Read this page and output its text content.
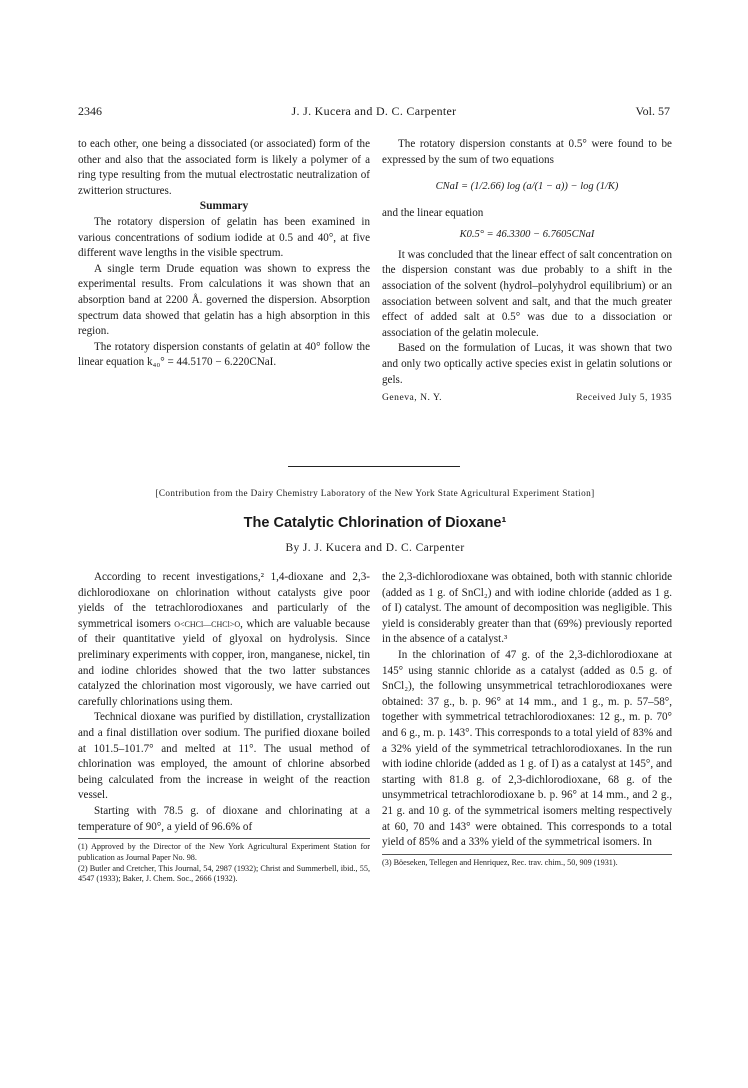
2346	J. J. Kucera and D. C. Carpenter	Vol. 57

to each other, one being a dissociated (or associated) form of the other and also that the associated form is likely a polymer of a ring type resulting from the mutual electrostatic neutralization of zwitterion structures.

Summary

The rotatory dispersion of gelatin has been examined in various concentrations of sodium iodide at 0.5 and 40°, at five different wave lengths in the visible spectrum.

A single term Drude equation was shown to express the experimental results. From calculations it was shown that an absorption band at 2200 Å. governed the dispersion. Absorption spectrum data showed that gelatin has a high absorption in this region.

The rotatory dispersion constants of gelatin at 40° follow the linear equation k₄₀° = 44.5170 − 6.220CNaI.

The rotatory dispersion constants at 0.5° were found to be expressed by the sum of two equations

CNaI = (1/2.66) log (a/(1 − a)) − log (1/K)

and the linear equation

K0.5° = 46.3300 − 6.7605CNaI

It was concluded that the linear effect of salt concentration on the dispersion constant was due probably to a shift in the association of the solvent (hydrol–polyhydrol equilibrium) or an association between solvent and salt, and that the much greater effect of added salt at 0.5° was due to a dissociation or association of the gelatin molecule.

Based on the formulation of Lucas, it was shown that two and only two optically active species exist in gelatin solutions or gels.

Geneva, N. Y.	Received July 5, 1935
[Contribution from the Dairy Chemistry Laboratory of the New York State Agricultural Experiment Station]
The Catalytic Chlorination of Dioxane¹
By J. J. Kucera and D. C. Carpenter

According to recent investigations,² 1,4-dioxane and 2,3-dichlorodioxane on chlorination without catalysts give poor yields of the tetrachlorodioxanes and particularly of the symmetrical isomers O<CHCl—CHCl>O, which are valuable because of their quantitative yield of glyoxal on hydrolysis. Since preliminary experiments with copper, iron, manganese, nickel, tin and iodine chlorides showed that the two latter substances catalyzed the chlorination most vigorously, we have carried out carefully chlorinations using them.

Technical dioxane was purified by distillation, crystallization and a final distillation over sodium. The purified dioxane boiled at 101.5–101.7° and melted at 11°. The usual method of chlorination was employed, the amount of chlorine absorbed being calculated from the increase in weight of the reaction vessel.

Starting with 78.5 g. of dioxane and chlorinating at a temperature of 90°, a yield of 96.6% of

(1) Approved by the Director of the New York Agricultural Experiment Station for publication as Journal Paper No. 98.

(2) Butler and Cretcher, This Journal, 54, 2987 (1932); Christ and Summerbell, ibid., 55, 4547 (1933); Baker, J. Chem. Soc., 2666 (1932).

the 2,3-dichlorodioxane was obtained, both with stannic chloride (added as 1 g. of SnCl₂) and with iodine chloride (added as 1 g. of I) catalyst. The amount of decomposition was negligible. This yield is considerably greater than that (69%) previously reported in the absence of a catalyst.³

In the chlorination of 47 g. of the 2,3-dichlorodioxane at 145° using stannic chloride as a catalyst (added as 0.5 g. of SnCl₂), the following unsymmetrical tetrachlorodioxanes were obtained: 37 g., b. p. 96° at 14 mm., and 1 g., m. p. 57–58°, together with symmetrical tetrachlorodioxanes: 12 g., m. p. 70° and 6 g., m. p. 143°. This corresponds to a total yield of 83% and a 32% yield of the symmetrical tetrachlorodioxanes. In the run with iodine chloride (added as 1 g. of I) as a catalyst at 145°, and starting with 81.8 g. of 2,3-dichlorodioxane, 68 g. of the unsymmetrical tetrachlorodioxane b. p. 96° at 14 mm., and 2 g., 21 g. and 10 g. of the symmetrical isomers melting respectively at 60, 70 and 143° were obtained. This corresponds to a total yield of 85% and a 33% yield of the symmetrical isomers. In

(3) Böeseken, Tellegen and Henriquez, Rec. trav. chim., 50, 909 (1931).
